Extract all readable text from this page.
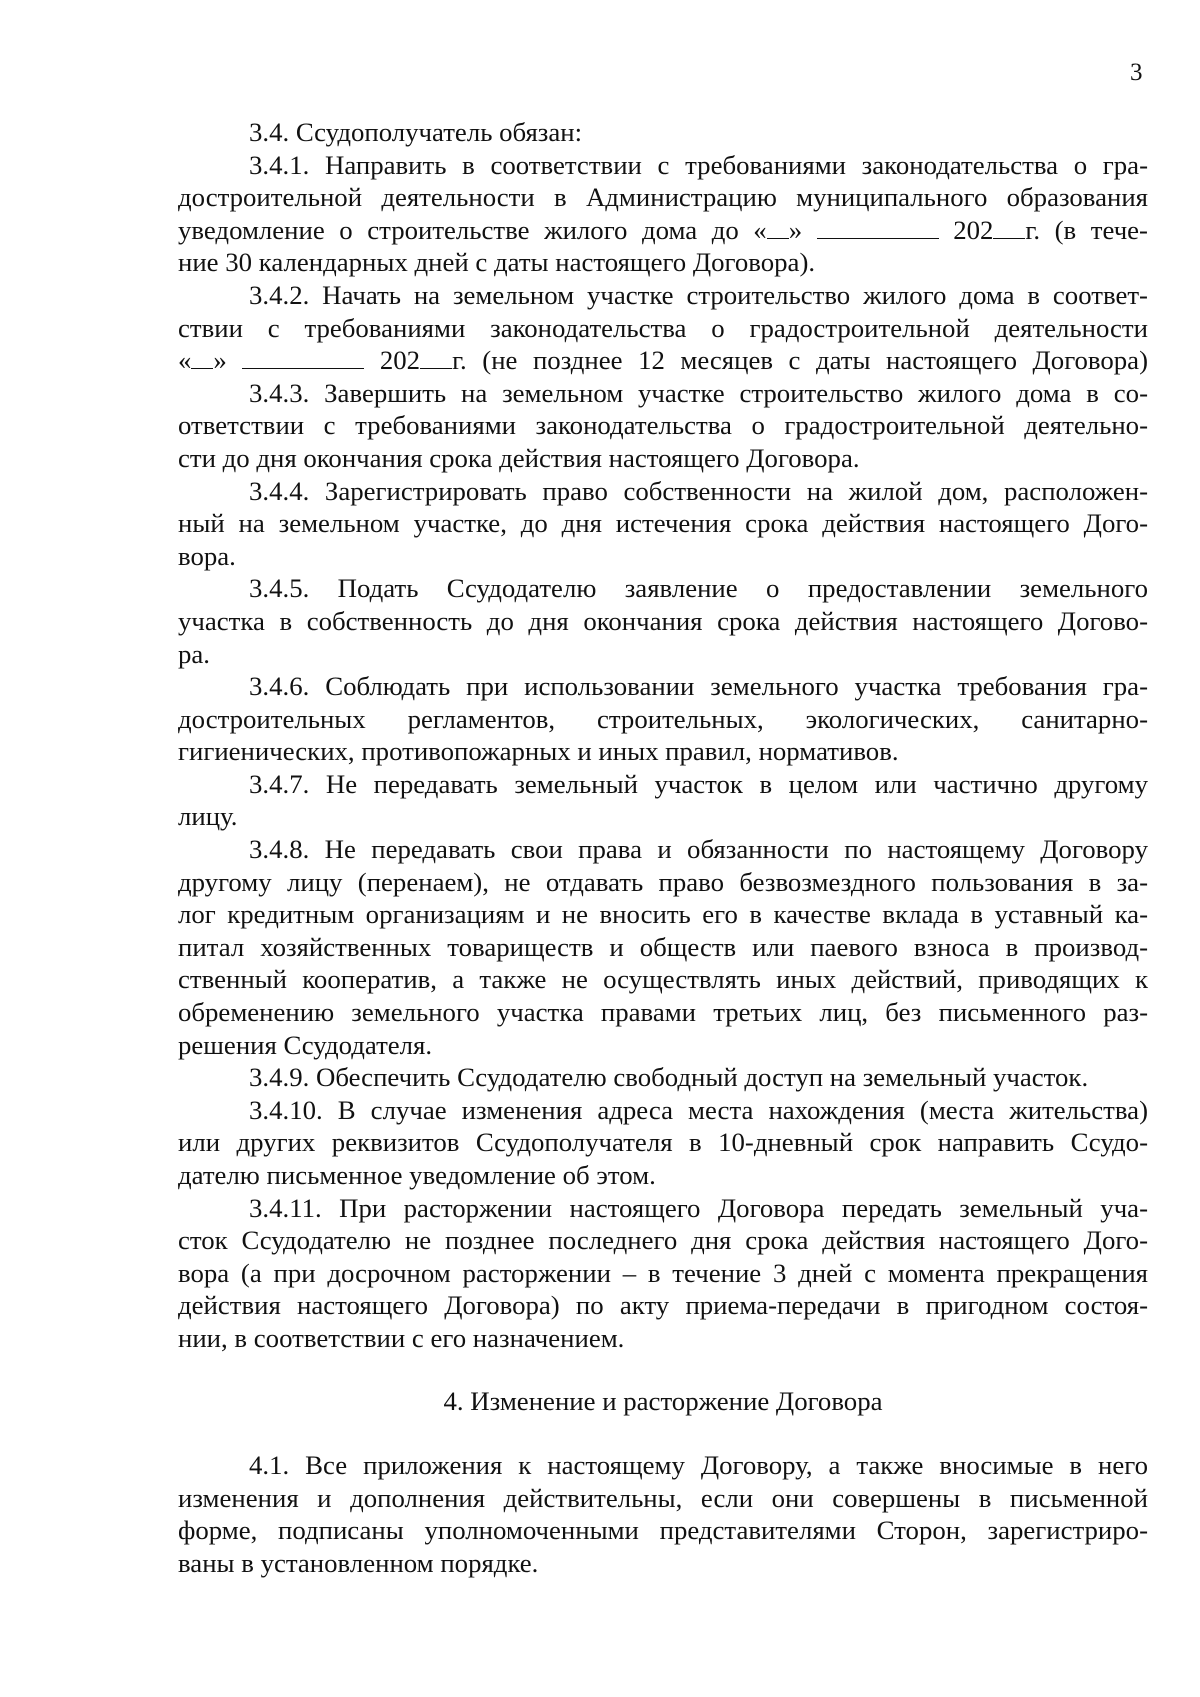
3
3.4. Ссудополучатель обязан:
3.4.1. Направить в соответствии с требованиями законодательства о гра-
достроительной деятельности в Администрацию муниципального образования
уведомление о строительстве жилого дома до « »	202 г. (в тече-
ние 30 календарных дней с даты настоящего Договора).
3.4.2. Начать на земельном участке строительство жилого дома в соответ-
ствии с требованиями законодательства о градостроительной деятельности
« »	202 г. (не позднее 12 месяцев с даты настоящего Договора)
3.4.3. Завершить на земельном участке строительство жилого дома в со-
ответствии с требованиями законодательства о градостроительной деятельно-
сти до дня окончания срока действия настоящего Договора.
3.4.4. Зарегистрировать право собственности на жилой дом, расположен-
ный на земельном участке, до дня истечения срока действия настоящего Дого-
вора.
3.4.5. Подать Ссудодателю заявление о предоставлении земельного
участка в собственность до дня окончания срока действия настоящего Догово-
ра.
3.4.6. Соблюдать при использовании земельного участка требования гра-
достроительных регламентов, строительных, экологических, санитарно-
гигиенических, противопожарных и иных правил, нормативов.
3.4.7. Не передавать земельный участок в целом или частично другому
лицу.
3.4.8. Не передавать свои права и обязанности по настоящему Договору
другому лицу (перенаем), не отдавать право безвозмездного пользования в за-
лог кредитным организациям и не вносить его в качестве вклада в уставный ка-
питал хозяйственных товариществ и обществ или паевого взноса в производ-
ственный кооператив, а также не осуществлять иных действий, приводящих к
обременению земельного участка правами третьих лиц, без письменного раз-
решения Ссудодателя.
3.4.9. Обеспечить Ссудодателю свободный доступ на земельный участок.
3.4.10. В случае изменения адреса места нахождения (места жительства)
или других реквизитов Ссудополучателя в 10-дневный срок направить Ссудо-
дателю письменное уведомление об этом.
3.4.11. При расторжении настоящего Договора передать земельный уча-
сток Ссудодателю не позднее последнего дня срока действия настоящего Дого-
вора (а при досрочном расторжении – в течение 3 дней с момента прекращения
действия настоящего Договора) по акту приема-передачи в пригодном состоя-
нии, в соответствии с его назначением.
4. Изменение и расторжение Договора
4.1. Все приложения к настоящему Договору, а также вносимые в него
изменения и дополнения действительны, если они совершены в письменной
форме, подписаны уполномоченными представителями Сторон, зарегистриро-
ваны в установленном порядке.
